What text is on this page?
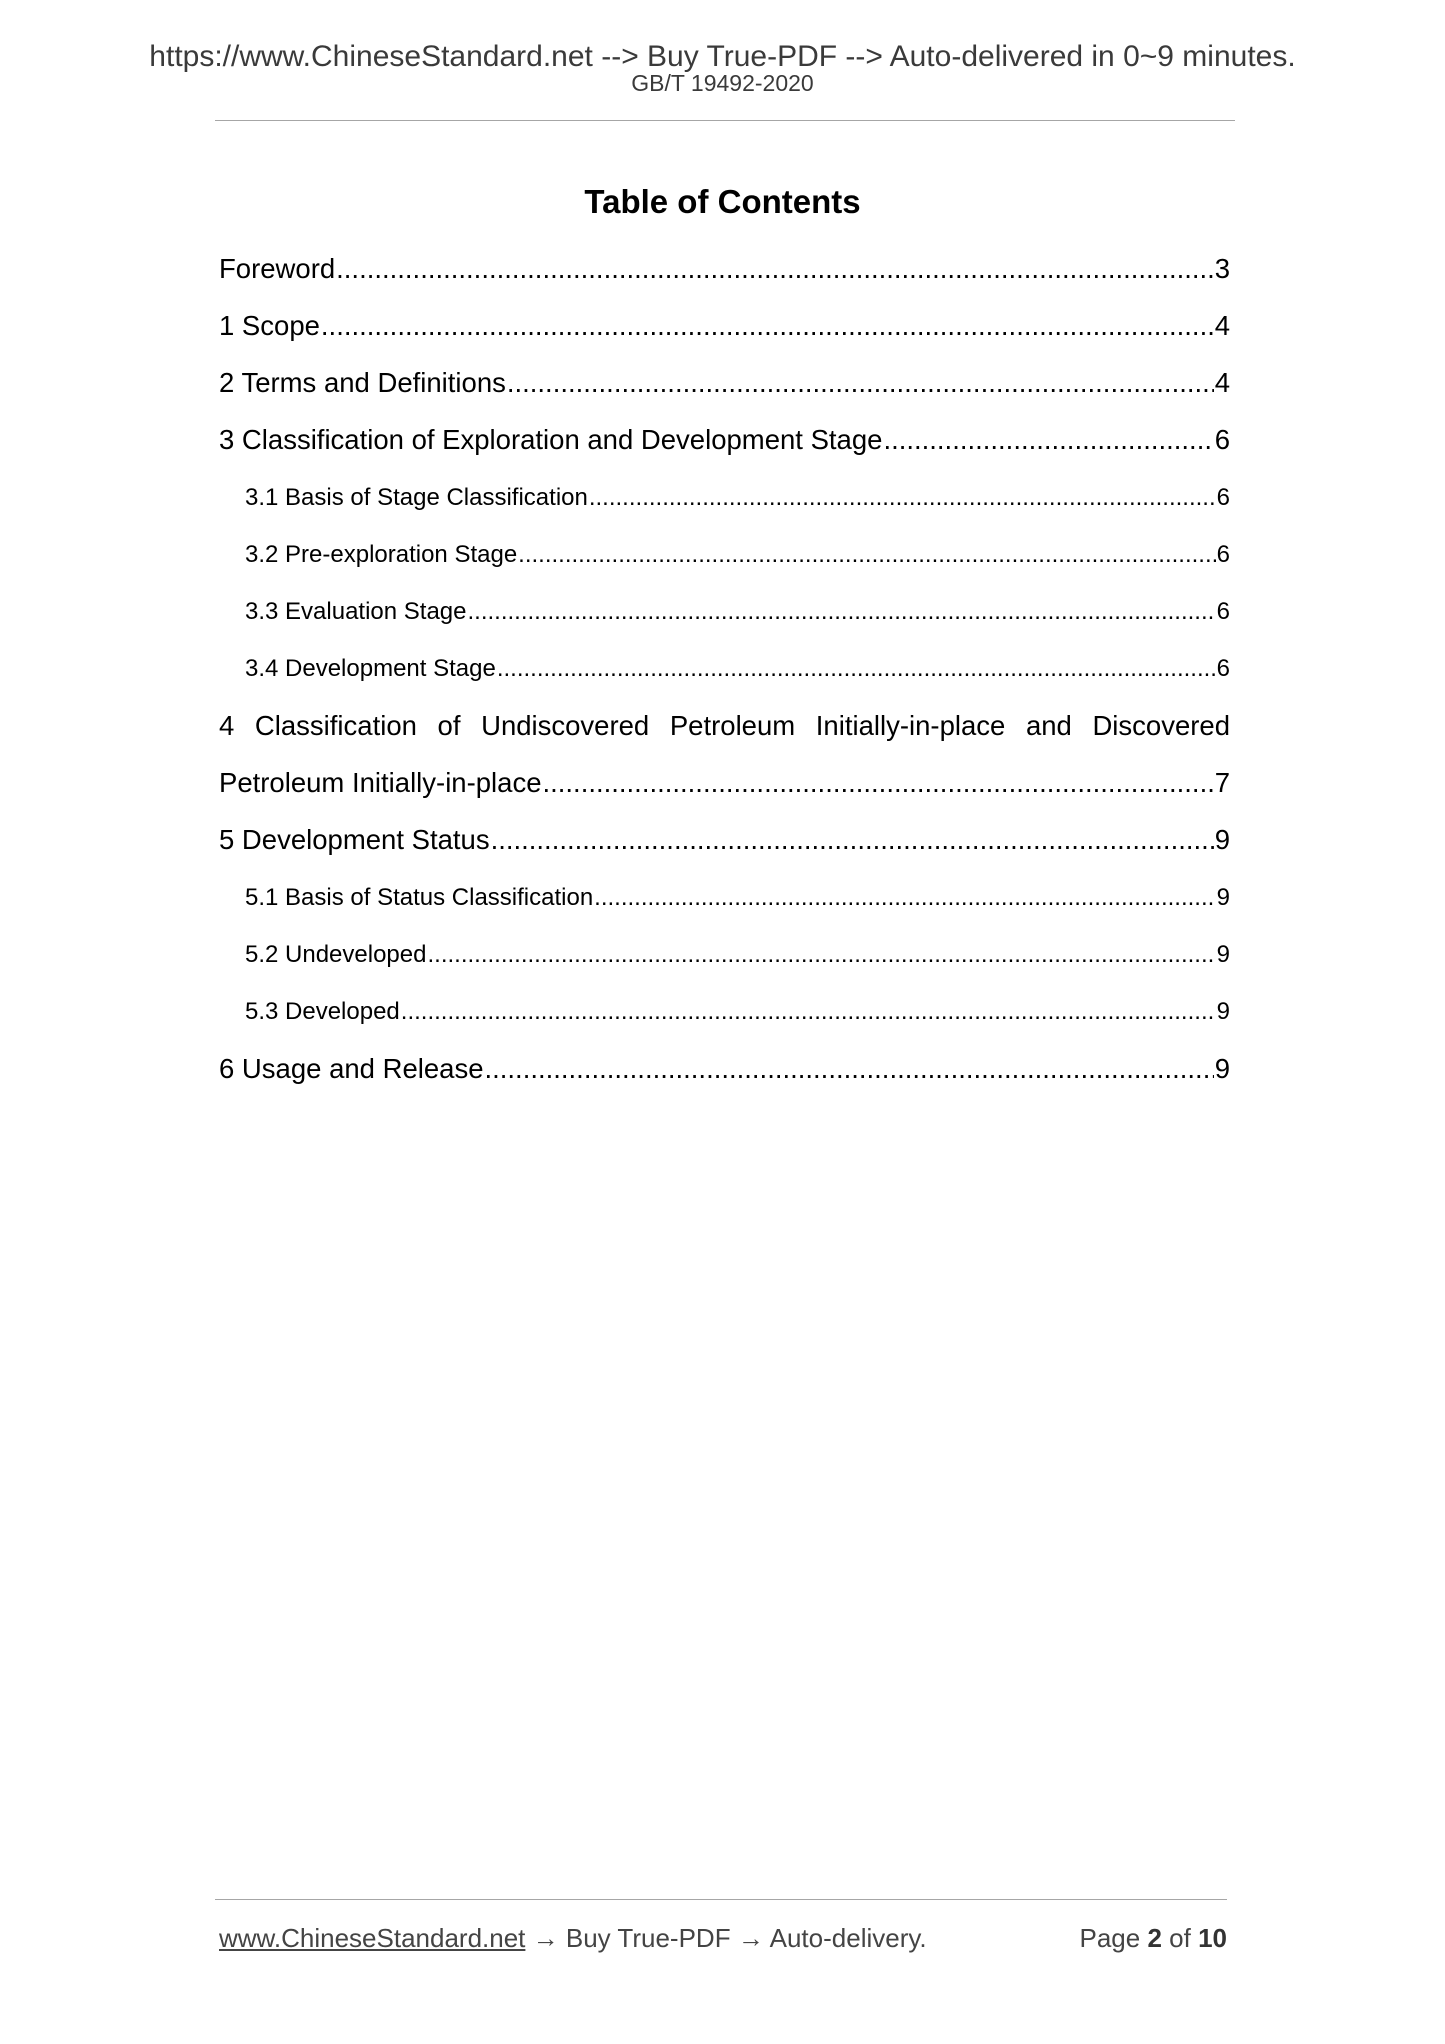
https://www.ChineseStandard.net --> Buy True-PDF --> Auto-delivered in 0~9 minutes.
GB/T 19492-2020
Table of Contents
Foreword .....	3
1 Scope .....	4
2 Terms and Definitions .....	4
3 Classification of Exploration and Development Stage .....	6
3.1 Basis of Stage Classification .....	6
3.2 Pre-exploration Stage .....	6
3.3 Evaluation Stage .....	6
3.4 Development Stage .....	6
4 Classification of Undiscovered Petroleum Initially-in-place and Discovered
Petroleum Initially-in-place .....	7
5 Development Status .....	9
5.1 Basis of Status Classification .....	9
5.2 Undeveloped .....	9
5.3 Developed .....	9
6 Usage and Release .....	9
www.ChineseStandard.net → Buy True-PDF → Auto-delivery.	Page 2 of 10
